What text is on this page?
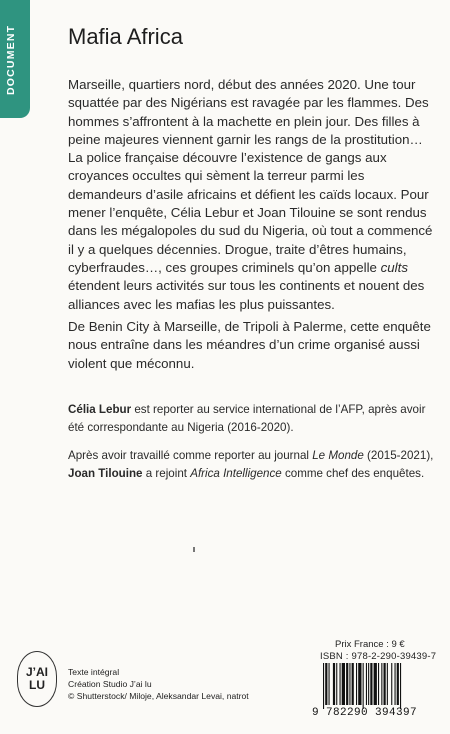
DOCUMENT	Mafia Africa

Marseille, quartiers nord, début des années 2020. Une tour squattée par des Nigérians est ravagée par les flammes. Des hommes s’affrontent à la machette en plein jour. Des filles à peine majeures viennent garnir les rangs de la prostitution… La police française découvre l’existence de gangs aux croyances occultes qui sèment la terreur parmi les demandeurs d’asile africains et défient les caïds locaux. Pour mener l’enquête, Célia Lebur et Joan Tilouine se sont rendus dans les mégalopoles du sud du Nigeria, où tout a commencé il y a quelques décennies. Drogue, traite d’êtres humains, cyberfraudes…, ces groupes criminels qu’on appelle cults étendent leurs activités sur tous les continents et nouent des alliances avec les mafias les plus puissantes.

De Benin City à Marseille, de Tripoli à Palerme, cette enquête nous entraîne dans les méandres d’un crime organisé aussi violent que méconnu.

Célia Lebur est reporter au service international de l’AFP, après avoir été correspondante au Nigeria (2016-2020).

Après avoir travaillé comme reporter au journal Le Monde (2015-2021), Joan Tilouine a rejoint Africa Intelligence comme chef des enquêtes.

J’AI
LU
Texte intégral
Création Studio J’ai lu
© Shutterstock/ Miloje, Aleksandar Levai, natrot
Prix France : 9 €
ISBN : 978-2-290-39439-7
9 782290 394397
